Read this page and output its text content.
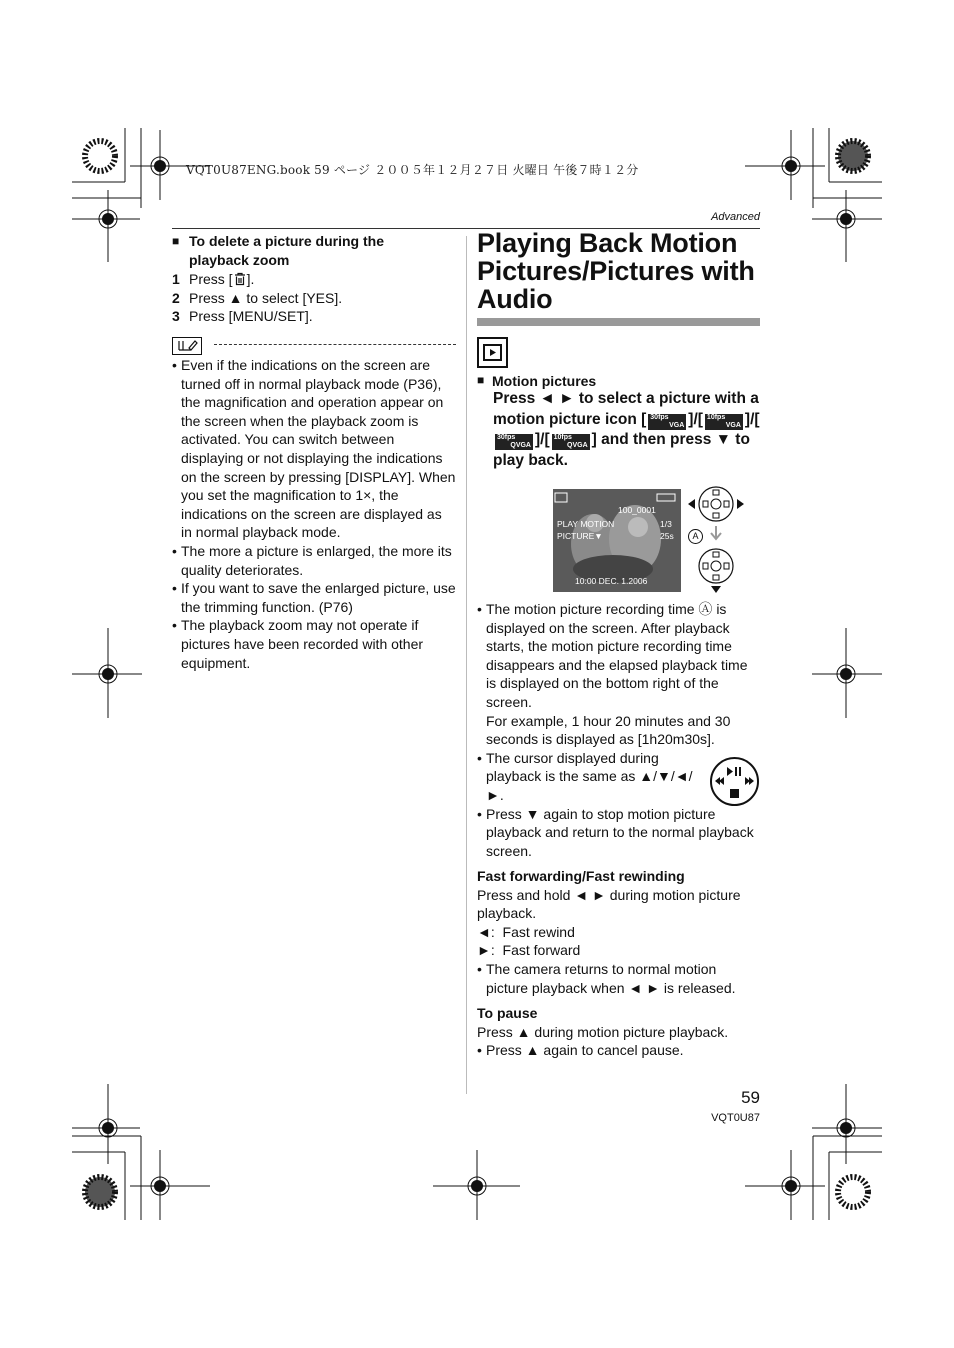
VQT0U87ENG.book 59 ページ ２００５年１２月２７日 火曜日 午後７時１２分
Advanced
■ To delete a picture during the playback zoom
1 Press [ ].
2 Press ▲ to select [YES].
3 Press [MENU/SET].
• Even if the indications on the screen are turned off in normal playback mode (P36), the magnification and operation appear on the screen when the playback zoom is activated. You can switch between displaying or not displaying the indications on the screen by pressing [DISPLAY]. When you set the magnification to 1×, the indications on the screen are displayed as in normal playback mode.
• The more a picture is enlarged, the more its quality deteriorates.
• If you want to save the enlarged picture, use the trimming function. (P76)
• The playback zoom may not operate if pictures have been recorded with other equipment.
Playing Back Motion Pictures/Pictures with Audio
■ Motion pictures
Press ◄ ► to select a picture with a motion picture icon [ 30fps
VGA ]/[ 10fps
VGA ]/[
30fps
QVGA ]/[ 10fps
QVGA ] and then press ▼ to play back.
100_0001
1/3
PLAY MOTION
PICTURE▼	25s
10:00 DEC. 1.2006
A
• The motion picture recording time Ⓐ is displayed on the screen. After playback starts, the motion picture recording time disappears and the elapsed playback time is displayed on the bottom right of the screen.
For example, 1 hour 20 minutes and 30 seconds is displayed as [1h20m30s].
• The cursor displayed during playback is the same as ▲/▼/◄/►.
• Press ▼ again to stop motion picture playback and return to the normal playback screen.
Fast forwarding/Fast rewinding
Press and hold ◄ ► during motion picture playback.
◄:  Fast rewind
►:  Fast forward
• The camera returns to normal motion picture playback when ◄ ► is released.
To pause
Press ▲ during motion picture playback.
• Press ▲ again to cancel pause.
59
VQT0U87
